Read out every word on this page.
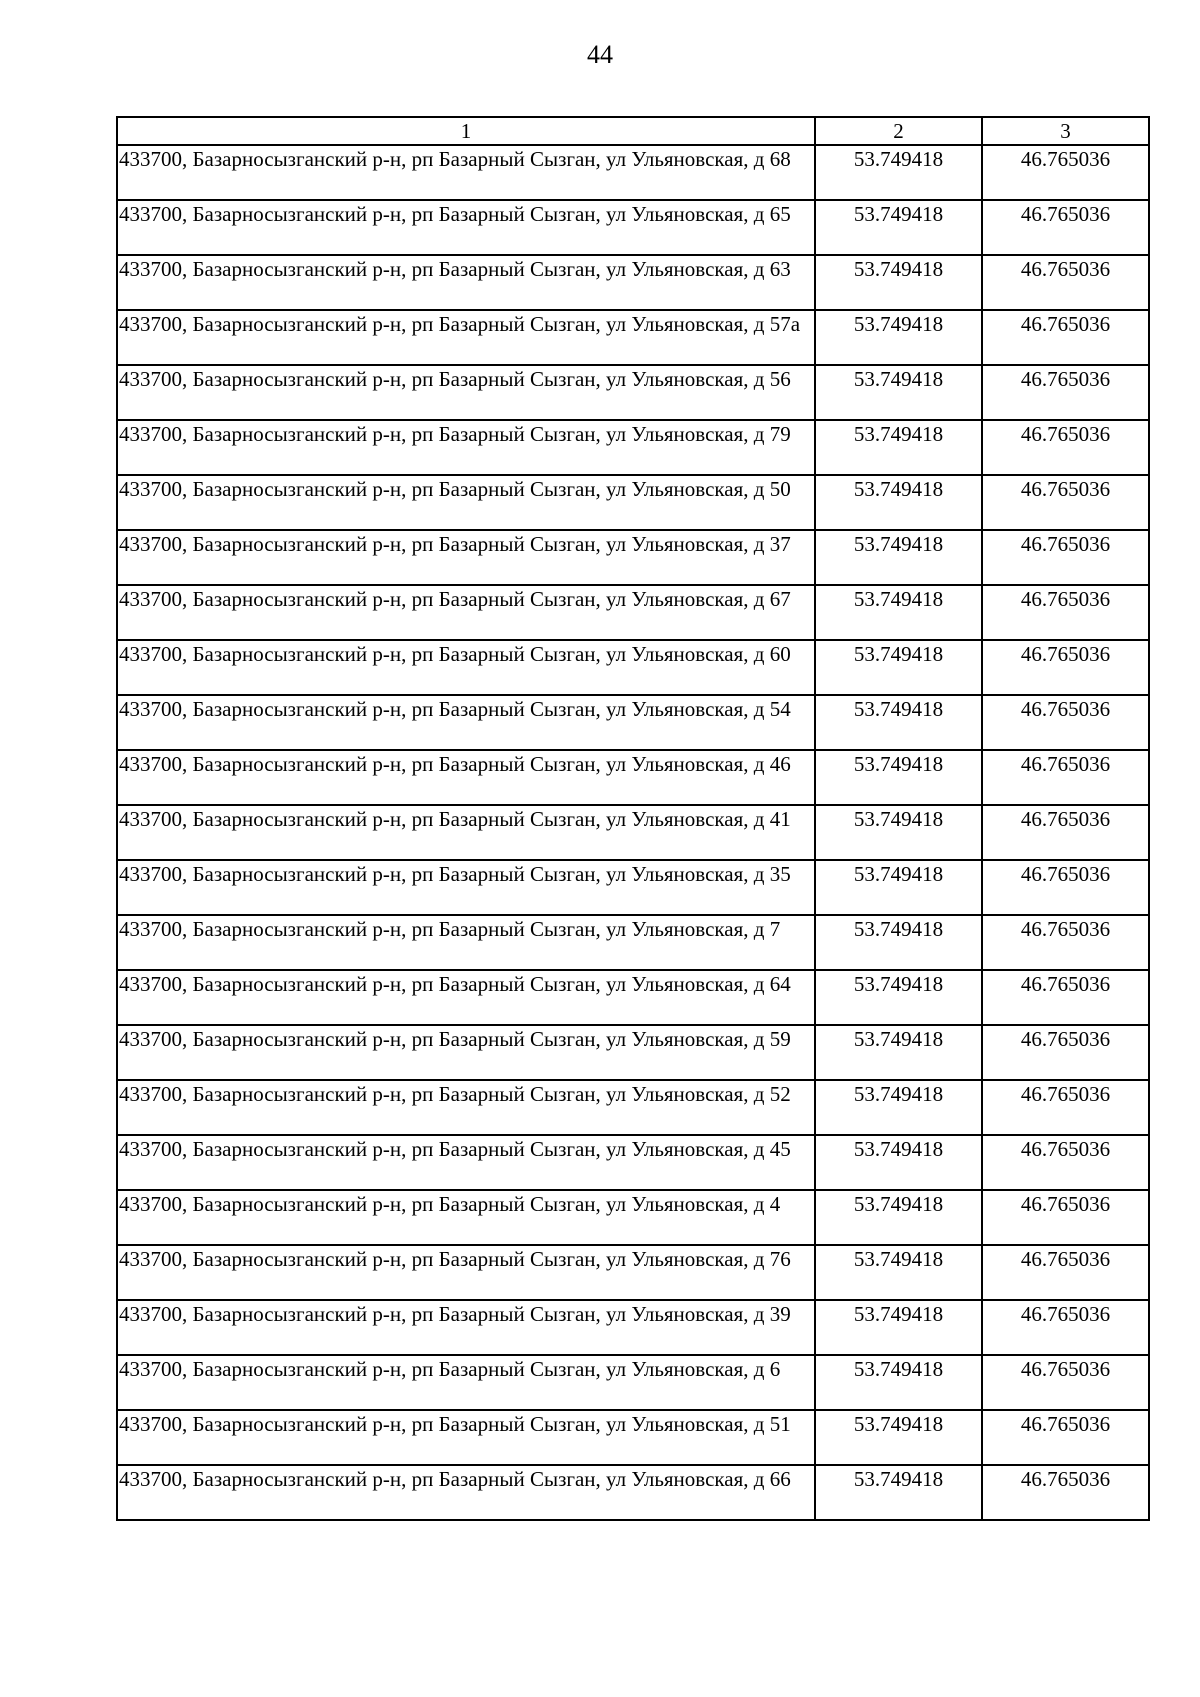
44
1	2	3
433700, Базарносызганский р-н, рп Базарный Сызган, ул Ульяновская, д 68	53.749418	46.765036
433700, Базарносызганский р-н, рп Базарный Сызган, ул Ульяновская, д 65	53.749418	46.765036
433700, Базарносызганский р-н, рп Базарный Сызган, ул Ульяновская, д 63	53.749418	46.765036
433700, Базарносызганский р-н, рп Базарный Сызган, ул Ульяновская, д 57а	53.749418	46.765036
433700, Базарносызганский р-н, рп Базарный Сызган, ул Ульяновская, д 56	53.749418	46.765036
433700, Базарносызганский р-н, рп Базарный Сызган, ул Ульяновская, д 79	53.749418	46.765036
433700, Базарносызганский р-н, рп Базарный Сызган, ул Ульяновская, д 50	53.749418	46.765036
433700, Базарносызганский р-н, рп Базарный Сызган, ул Ульяновская, д 37	53.749418	46.765036
433700, Базарносызганский р-н, рп Базарный Сызган, ул Ульяновская, д 67	53.749418	46.765036
433700, Базарносызганский р-н, рп Базарный Сызган, ул Ульяновская, д 60	53.749418	46.765036
433700, Базарносызганский р-н, рп Базарный Сызган, ул Ульяновская, д 54	53.749418	46.765036
433700, Базарносызганский р-н, рп Базарный Сызган, ул Ульяновская, д 46	53.749418	46.765036
433700, Базарносызганский р-н, рп Базарный Сызган, ул Ульяновская, д 41	53.749418	46.765036
433700, Базарносызганский р-н, рп Базарный Сызган, ул Ульяновская, д 35	53.749418	46.765036
433700, Базарносызганский р-н, рп Базарный Сызган, ул Ульяновская, д 7	53.749418	46.765036
433700, Базарносызганский р-н, рп Базарный Сызган, ул Ульяновская, д 64	53.749418	46.765036
433700, Базарносызганский р-н, рп Базарный Сызган, ул Ульяновская, д 59	53.749418	46.765036
433700, Базарносызганский р-н, рп Базарный Сызган, ул Ульяновская, д 52	53.749418	46.765036
433700, Базарносызганский р-н, рп Базарный Сызган, ул Ульяновская, д 45	53.749418	46.765036
433700, Базарносызганский р-н, рп Базарный Сызган, ул Ульяновская, д 4	53.749418	46.765036
433700, Базарносызганский р-н, рп Базарный Сызган, ул Ульяновская, д 76	53.749418	46.765036
433700, Базарносызганский р-н, рп Базарный Сызган, ул Ульяновская, д 39	53.749418	46.765036
433700, Базарносызганский р-н, рп Базарный Сызган, ул Ульяновская, д 6	53.749418	46.765036
433700, Базарносызганский р-н, рп Базарный Сызган, ул Ульяновская, д 51	53.749418	46.765036
433700, Базарносызганский р-н, рп Базарный Сызган, ул Ульяновская, д 66	53.749418	46.765036
